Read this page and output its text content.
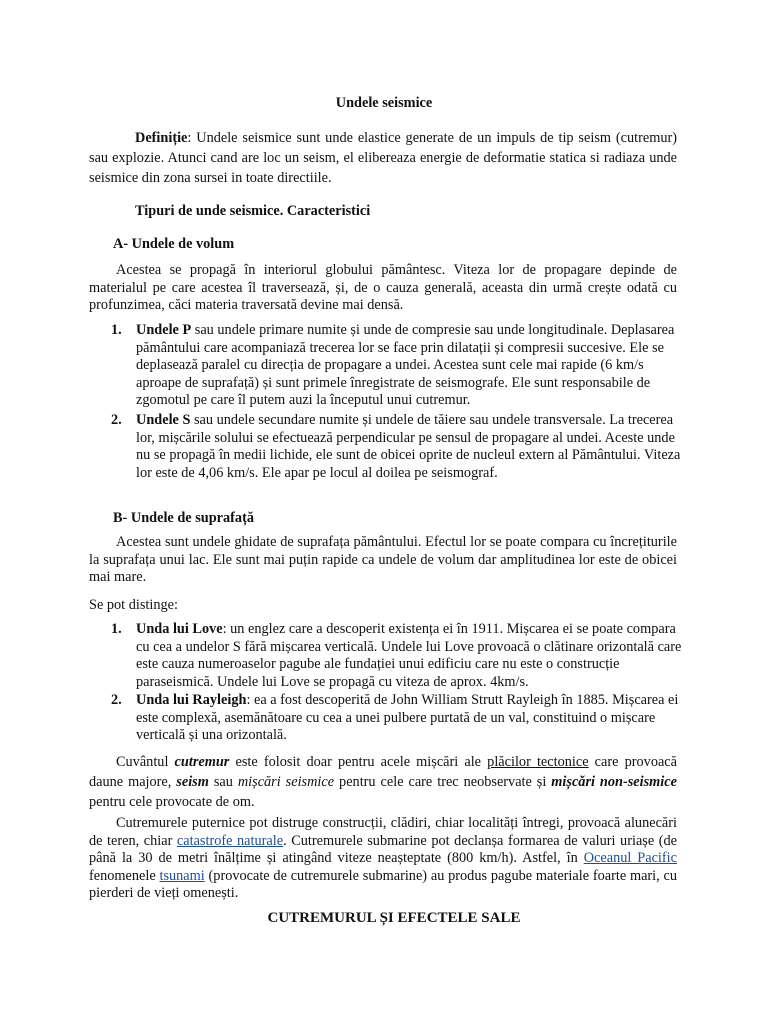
Undele seismice
Definiție: Undele seismice sunt unde elastice generate de un impuls de tip seism (cutremur) sau explozie. Atunci cand are loc un seism, el elibereaza energie de deformatie statica si radiaza unde seismice din zona sursei in toate directiile.
Tipuri de unde seismice. Caracteristici
A- Undele de volum
Acestea se propagă în interiorul globului pământesc. Viteza lor de propagare depinde de materialul pe care acestea îl traversează, și, de o cauza generală, aceasta din urmă crește odată cu profunzimea, căci materia traversată devine mai densă.
1. Undele P sau undele primare numite și unde de compresie sau unde longitudinale. Deplasarea pământului care acompaniază trecerea lor se face prin dilatații și compresii succesive. Ele se deplasează paralel cu direcția de propagare a undei. Acestea sunt cele mai rapide (6 km/s aproape de suprafață) și sunt primele înregistrate de seismografe. Ele sunt responsabile de zgomotul pe care îl putem auzi la începutul unui cutremur.
2. Undele S sau undele secundare numite și undele de tăiere sau undele transversale. La trecerea lor, mișcările solului se efectuează perpendicular pe sensul de propagare al undei. Aceste unde nu se propagă în medii lichide, ele sunt de obicei oprite de nucleul extern al Pământului. Viteza lor este de 4,06 km/s. Ele apar pe locul al doilea pe seismograf.
B- Undele de suprafață
Acestea sunt undele ghidate de suprafața pământului. Efectul lor se poate compara cu încrețiturile la suprafața unui lac. Ele sunt mai puțin rapide ca undele de volum dar amplitudinea lor este de obicei mai mare.
Se pot distinge:
1. Unda lui Love: un englez care a descoperit existența ei în 1911. Mișcarea ei se poate compara cu cea a undelor S fără mișcarea verticală. Undele lui Love provoacă o clătinare orizontală care este cauza numeroaselor pagube ale fundației unui edificiu care nu este o construcție paraseismică. Undele lui Love se propagă cu viteza de aprox. 4km/s.
2. Unda lui Rayleigh: ea a fost descoperită de John William Strutt Rayleigh în 1885. Mișcarea ei este complexă, asemănătoare cu cea a unei pulbere purtată de un val, constituind o mișcare verticală și una orizontală.
Cuvântul cutremur este folosit doar pentru acele mișcări ale plăcilor tectonice care provoacă daune majore, seism sau mișcări seismice pentru cele care trec neobservate și mișcări non-seismice pentru cele provocate de om.
Cutremurele puternice pot distruge construcții, clădiri, chiar localități întregi, provoacă alunecări de teren, chiar catastrofe naturale. Cutremurele submarine pot declanșa formarea de valuri uriașe (de până la 30 de metri înălțime și atingând viteze neașteptate (800 km/h). Astfel, în Oceanul Pacific fenomenele tsunami (provocate de cutremurele submarine) au produs pagube materiale foarte mari, cu pierderi de vieți omenești.
CUTREMURUL ȘI EFECTELE SALE
